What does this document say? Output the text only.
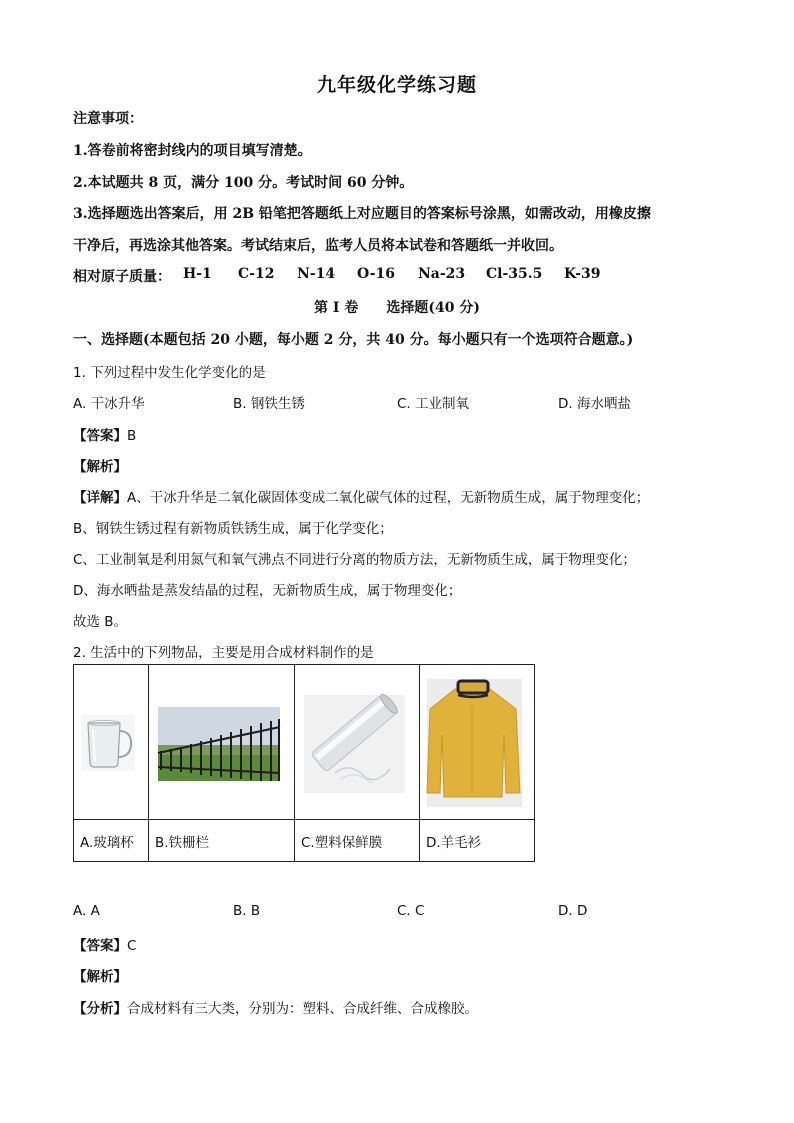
九年级化学练习题
注意事项：
1.答卷前将密封线内的项目填写清楚。
2.本试题共 8 页，满分 100 分。考试时间 60 分钟。
3.选择题选出答案后，用 2B 铅笔把答题纸上对应题目的答案标号涂黑，如需改动，用橡皮擦
干净后，再选涂其他答案。考试结束后，监考人员将本试卷和答题纸一并收回。
相对原子质量： H-1 C-12 N-14 O-16 Na-23 Cl-35.5 K-39
第 I 卷　　选择题(40 分)
一、选择题(本题包括 20 小题，每小题 2 分，共 40 分。每小题只有一个选项符合题意。)
1. 下列过程中发生化学变化的是
A. 干冰升华	B. 钢铁生锈	C. 工业制氧	D. 海水晒盐
【答案】B
【解析】
【详解】A、干冰升华是二氧化碳固体变成二氧化碳气体的过程，无新物质生成，属于物理变化；
B、钢铁生锈过程有新物质铁锈生成，属于化学变化；
C、工业制氧是利用氮气和氧气沸点不同进行分离的物质方法，无新物质生成，属于物理变化；
D、海水晒盐是蒸发结晶的过程，无新物质生成，属于物理变化；
故选 B。
2. 生活中的下列物品，主要是用合成材料制作的是

A.玻璃杯	B.铁栅栏	C.塑料保鲜膜	D.羊毛衫
A. A	B. B	C. C	D. D
【答案】C
【解析】
【分析】合成材料有三大类，分别为：塑料、合成纤维、合成橡胶。
